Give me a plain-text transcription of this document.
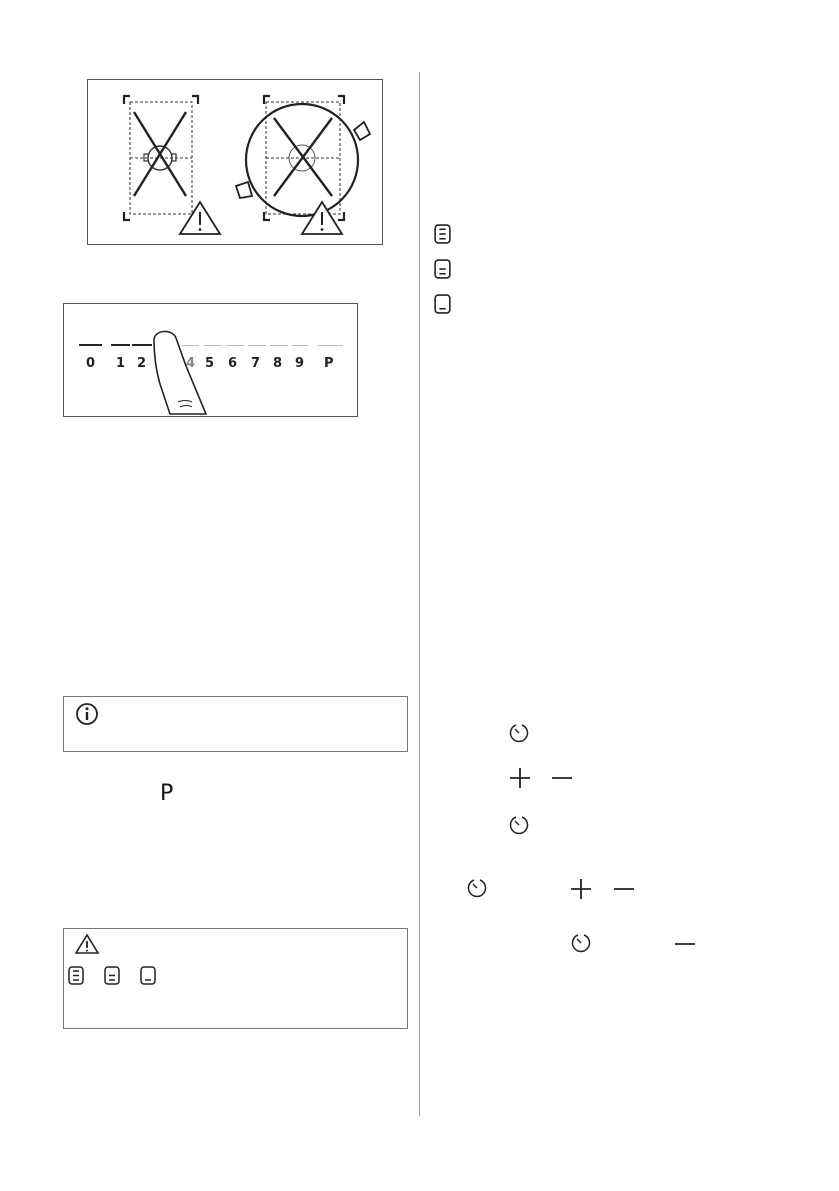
0 1 2	4 5 6 7 8 9 P
P
